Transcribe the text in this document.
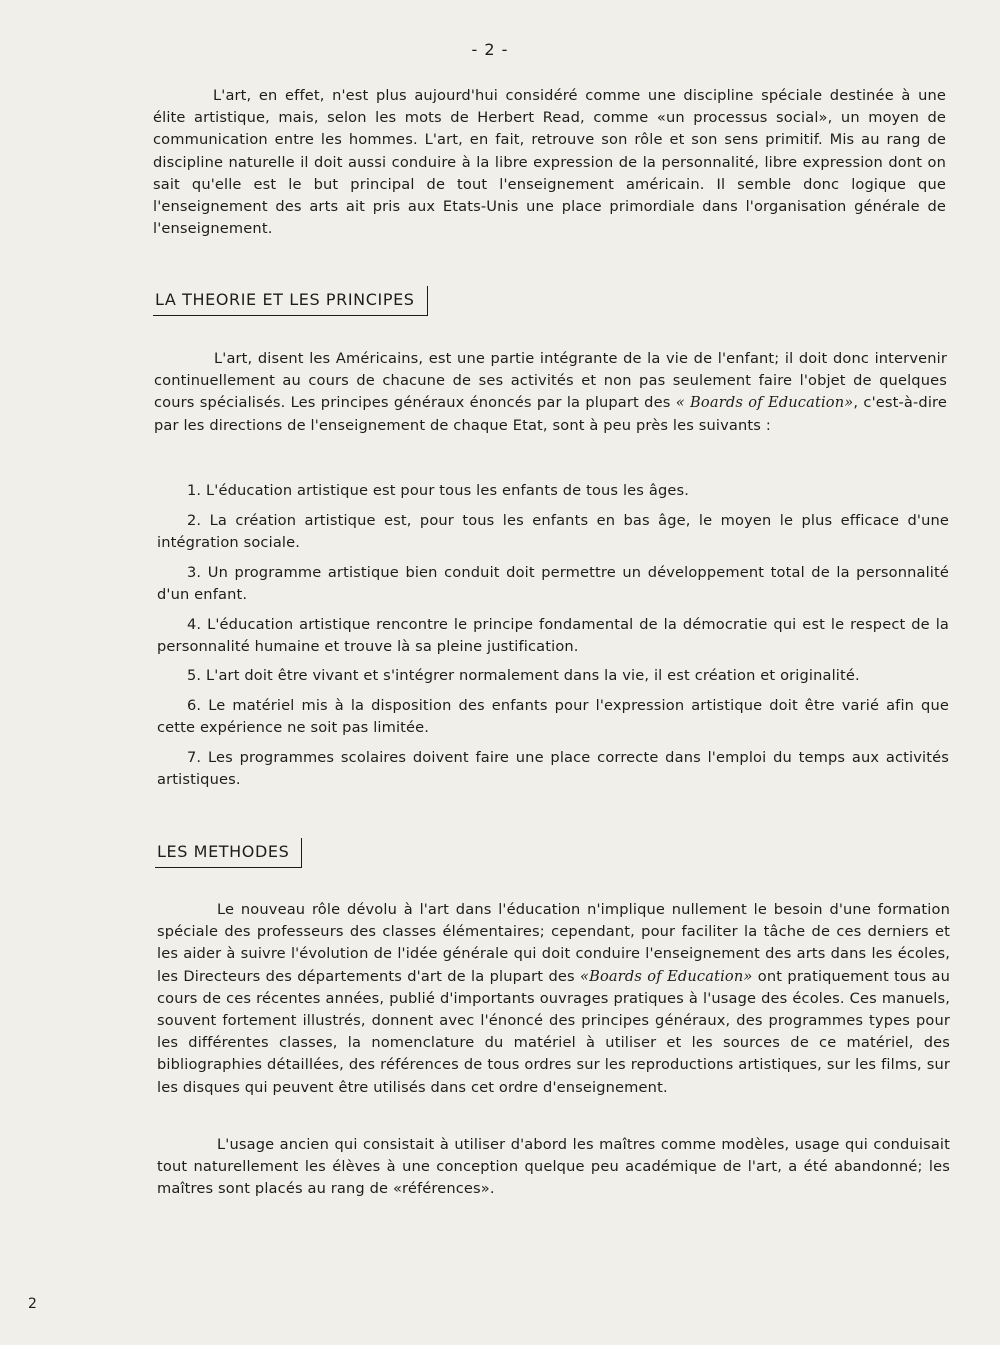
- 2 -

L'art, en effet, n'est plus aujourd'hui considéré comme une discipline spéciale destinée à une élite artistique, mais, selon les mots de Herbert Read, comme «un processus social», un moyen de communication entre les hommes. L'art, en fait, retrouve son rôle et son sens primitif. Mis au rang de discipline naturelle il doit aussi conduire à la libre expression de la personnalité, libre expression dont on sait qu'elle est le but principal de tout l'enseignement américain. Il semble donc logique que l'enseignement des arts ait pris aux Etats-Unis une place primordiale dans l'organisation générale de l'enseignement.

LA THEORIE ET LES PRINCIPES

L'art, disent les Américains, est une partie intégrante de la vie de l'enfant; il doit donc intervenir continuellement au cours de chacune de ses activités et non pas seulement faire l'objet de quelques cours spécialisés. Les principes généraux énoncés par la plupart des « Boards of Education», c'est-à-dire par les directions de l'enseignement de chaque Etat, sont à peu près les suivants :

1. L'éducation artistique est pour tous les enfants de tous les âges.

2. La création artistique est, pour tous les enfants en bas âge, le moyen le plus efficace d'une intégration sociale.

3. Un programme artistique bien conduit doit permettre un développement total de la personnalité d'un enfant.

4. L'éducation artistique rencontre le principe fondamental de la démocratie qui est le respect de la personnalité humaine et trouve là sa pleine justification.

5. L'art doit être vivant et s'intégrer normalement dans la vie, il est création et originalité.

6. Le matériel mis à la disposition des enfants pour l'expression artistique doit être varié afin que cette expérience ne soit pas limitée.

7. Les programmes scolaires doivent faire une place correcte dans l'emploi du temps aux activités artistiques.

LES METHODES

Le nouveau rôle dévolu à l'art dans l'éducation n'implique nullement le besoin d'une formation spéciale des professeurs des classes élémentaires; cependant, pour faciliter la tâche de ces derniers et les aider à suivre l'évolution de l'idée générale qui doit conduire l'enseignement des arts dans les écoles, les Directeurs des départements d'art de la plupart des «Boards of Education» ont pratiquement tous au cours de ces récentes années, publié d'importants ouvrages pratiques à l'usage des écoles. Ces manuels, souvent fortement illustrés, donnent avec l'énoncé des principes généraux, des programmes types pour les différentes classes, la nomenclature du matériel à utiliser et les sources de ce matériel, des bibliographies détaillées, des références de tous ordres sur les reproductions artistiques, sur les films, sur les disques qui peuvent être utilisés dans cet ordre d'enseignement.

L'usage ancien qui consistait à utiliser d'abord les maîtres comme modèles, usage qui conduisait tout naturellement les élèves à une conception quelque peu académique de l'art, a été abandonné; les maîtres sont placés au rang de «références».

2
